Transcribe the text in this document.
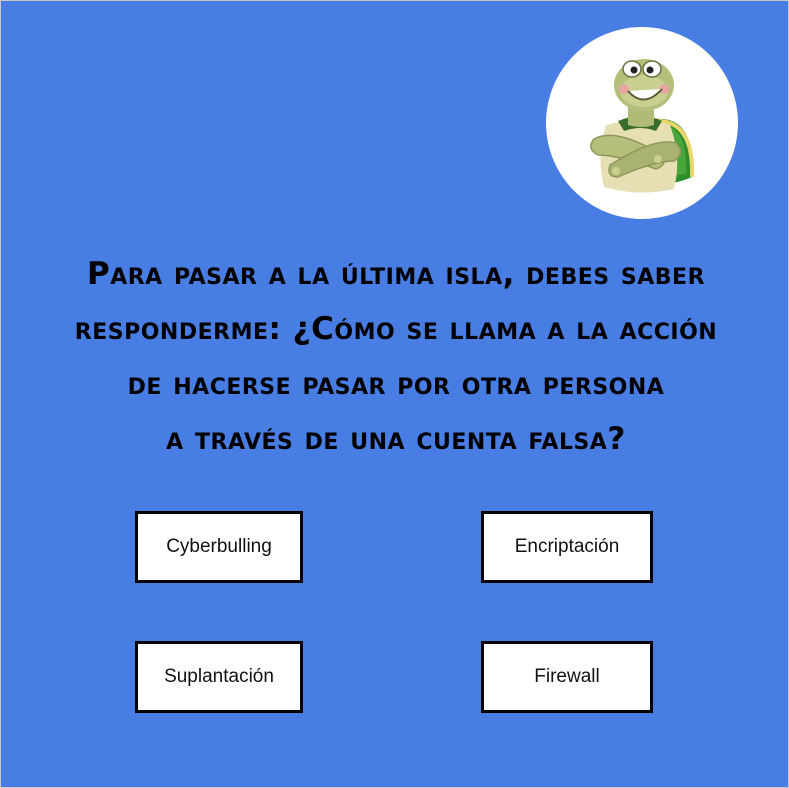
Para pasar a la última isla, debes saber
responderme: ¿Cómo se llama a la acción
de hacerse pasar por otra persona
a través de una cuenta falsa?
Cyberbulling	Encriptación
Suplantación	Firewall
